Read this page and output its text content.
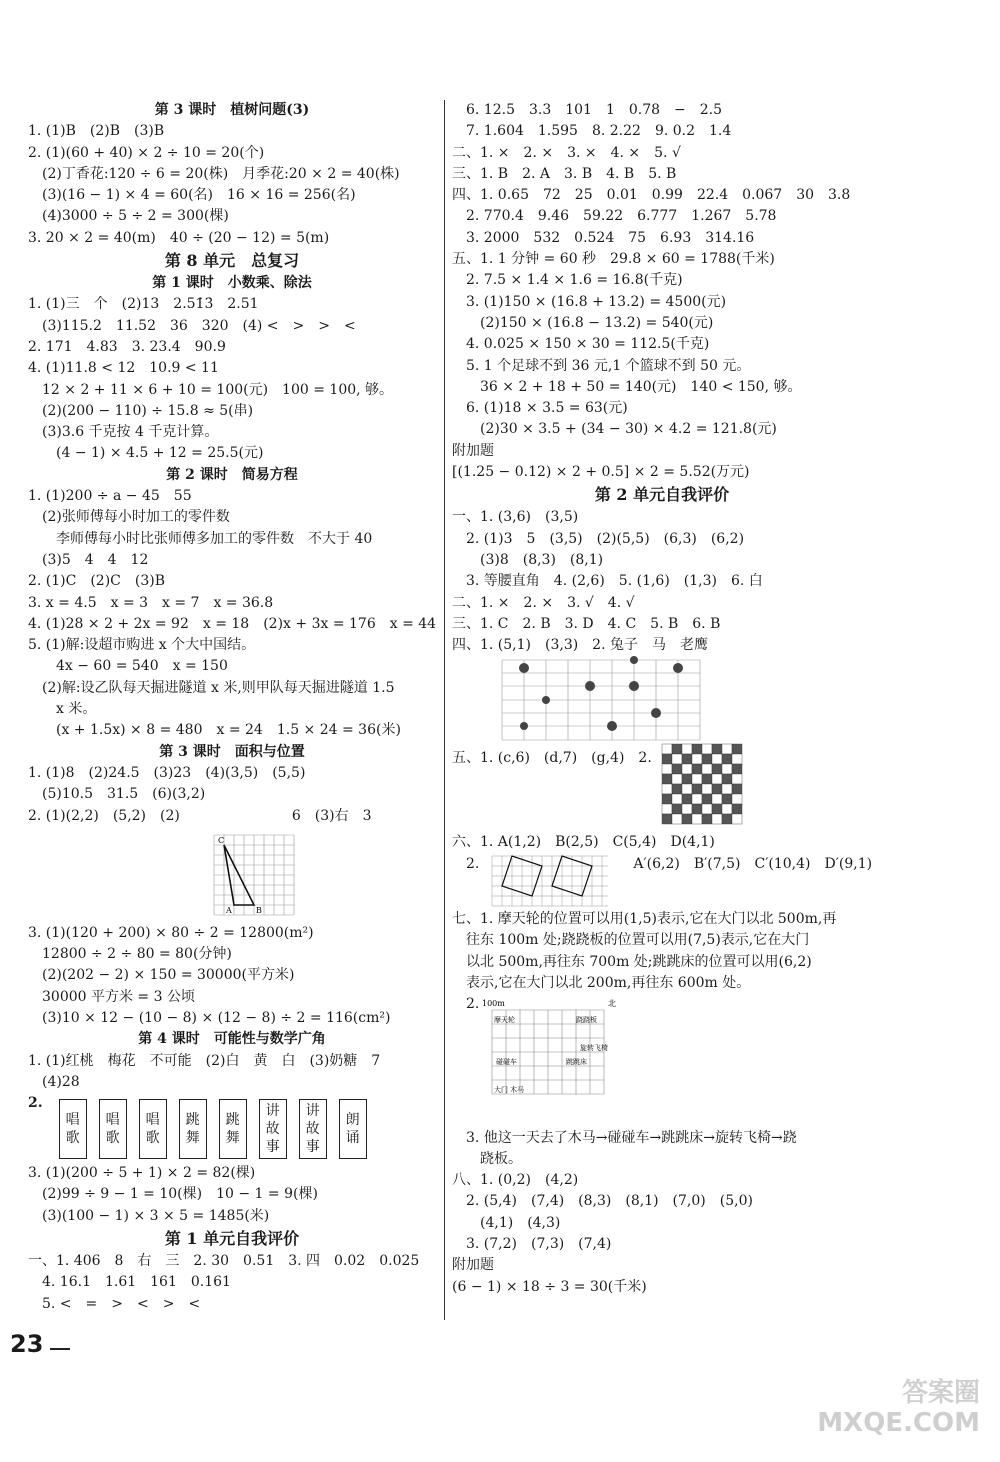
第 3 课时　植树问题(3)
1. (1)B　(2)B　(3)B
2. (1)(60 + 40) × 2 ÷ 10 = 20(个)
　(2)丁香花:120 ÷ 6 = 20(株)　月季花:20 × 2 = 40(株)
　(3)(16 − 1) × 4 = 60(名)　16 × 16 = 256(名)
　(4)3000 ÷ 5 ÷ 2 = 300(棵)
3. 20 × 2 = 40(m)　40 ÷ (20 − 12) = 5(m)
第 8 单元　总复习
第 1 课时　小数乘、除法
1. (1)三　个　(2)13　2.51̇3̇　2.51
　(3)115.2　11.52　36　320　(4) <　>　>　<
2. 171　4.83　3. 23.4　90.9
4. (1)11.8 < 12　10.9 < 11
　12 × 2 + 11 × 6 + 10 = 100(元)　100 = 100, 够。
　(2)(200 − 110) ÷ 15.8 ≈ 5(串)
　(3)3.6 千克按 4 千克计算。
　　(4 − 1) × 4.5 + 12 = 25.5(元)
第 2 课时　简易方程
1. (1)200 ÷ a − 45　55
　(2)张师傅每小时加工的零件数
　　李师傅每小时比张师傅多加工的零件数　不大于 40
　(3)5　4　4　12
2. (1)C　(2)C　(3)B
3. x = 4.5　x = 3　x = 7　x = 36.8
4. (1)28 × 2 + 2x = 92　x = 18　(2)x + 3x = 176　x = 44
5. (1)解:设超市购进 x 个大中国结。
　　4x − 60 = 540　x = 150
　(2)解:设乙队每天掘进隧道 x 米,则甲队每天掘进隧道 1.5
　　x 米。
　　(x + 1.5x) × 8 = 480　x = 24　1.5 × 24 = 36(米)
第 3 课时　面积与位置
1. (1)8　(2)24.5　(3)23　(4)(3,5)　(5,5)
　(5)10.5　31.5　(6)(3,2)
2. (1)(2,2)　(5,2)　(2)　　　　　　　　6　(3)右　3
C
A	B
3. (1)(120 + 200) × 80 ÷ 2 = 12800(m²)
　12800 ÷ 2 ÷ 80 = 80(分钟)
　(2)(202 − 2) × 150 = 30000(平方米)
　30000 平方米 = 3 公顷
　(3)10 × 12 − (10 − 8) × (12 − 8) ÷ 2 = 116(cm²)
第 4 课时　可能性与数学广角
1. (1)红桃　梅花　不可能　(2)白　黄　白　(3)奶糖　7
　(4)28
2.
唱
歌
唱
歌
唱
歌
跳
舞
跳
舞
讲
故
事
讲
故
事
朗
诵
3. (1)(200 ÷ 5 + 1) × 2 = 82(棵)
　(2)99 ÷ 9 − 1 = 10(棵)　10 − 1 = 9(棵)
　(3)(100 − 1) × 3 × 5 = 1485(米)
第 1 单元自我评价
一、1. 406　8　右　三　2. 30　0.51　3. 四　0.02　0.025
　4. 16.1　1.61　161　0.161
　5. <　=　>　<　>　<
　6. 12.5　3.3　101　1　0.78　−　2.5
　7. 1.604　1.595　8. 2.22　9. 0.2　1.4
二、1. ×　2. ×　3. ×　4. ×　5. √
三、1. B　2. A　3. B　4. B　5. B
四、1. 0.65　72　25　0.01　0.99　22.4　0.067　30　3.8
　2. 770.4　9.46　59.22　6.777　1.267　5.78
　3. 2000　532　0.524　75　6.93　314.16
五、1. 1 分钟 = 60 秒　29.8 × 60 = 1788(千米)
　2. 7.5 × 1.4 × 1.6 = 16.8(千克)
　3. (1)150 × (16.8 + 13.2) = 4500(元)
　　(2)150 × (16.8 − 13.2) = 540(元)
　4. 0.025 × 150 × 30 = 112.5(千克)
　5. 1 个足球不到 36 元,1 个篮球不到 50 元。
　　36 × 2 + 18 + 50 = 140(元)　140 < 150, 够。
　6. (1)18 × 3.5 = 63(元)
　　(2)30 × 3.5 + (34 − 30) × 4.2 = 121.8(元)
附加题
[(1.25 − 0.12) × 2 + 0.5] × 2 = 5.52(万元)
第 2 单元自我评价
一、1. (3,6)　(3,5)
　2. (1)3　5　(3,5)　(2)(5,5)　(6,3)　(6,2)
　　(3)8　(8,3)　(8,1)
　3. 等腰直角　4. (2,6)　5. (1,6)　(1,3)　6. 白
二、1. ×　2. ×　3. √　4. √
三、1. C　2. B　3. D　4. C　5. B　6. B
四、1. (5,1)　(3,3)　2. 兔子　马　老鹰
五、1. (c,6)　(d,7)　(g,4)　2.
六、1. A(1,2)　B(2,5)　C(5,4)　D(4,1)
　2.　　　　　　　　　　　A′(6,2)　B′(7,5)　C′(10,4)　D′(9,1)
七、1. 摩天轮的位置可以用(1,5)表示,它在大门以北 500m,再
　往东 100m 处;跷跷板的位置可以用(7,5)表示,它在大门
　以北 500m,再往东 700m 处;跳跳床的位置可以用(6,2)
　表示,它在大门以北 200m,再往东 600m 处。
　2. 100m	北
摩天轮	跷跷板
旋转飞椅
碰碰车	跳跳床
大门 木马
　3. 他这一天去了木马→碰碰车→跳跳床→旋转飞椅→跷
　　跷板。
八、1. (0,2)　(4,2)
　2. (5,4)　(7,4)　(8,3)　(8,1)　(7,0)　(5,0)
　　(4,1)　(4,3)
　3. (7,2)　(7,3)　(7,4)
附加题
(6 − 1) × 18 ÷ 3 = 30(千米)
23
答案圈
MXQE.COM
